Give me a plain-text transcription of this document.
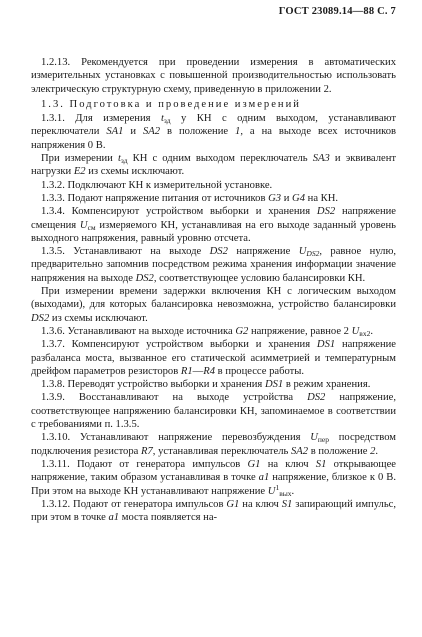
ГОСТ 23089.14—88 С. 7

1.2.13. Рекомендуется при проведении измерения в автоматических измерительных установках с повышенной производительностью использовать электрическую структурную схему, приведенную в приложении 2.

1.3. Подготовка и проведение измерений

1.3.1. Для измерения $t_{зд}$ у КН с одним выходом, устанавливают переключатели SA1 и SA2 в положение 1, а на выходе всех источников напряжения 0 В.

При измерении $t_{зд}$ КН с одним выходом переключатель SA3 и эквивалент нагрузки E2 из схемы исключают.

1.3.2. Подключают КН к измерительной установке.

1.3.3. Подают напряжение питания от источников G3 и G4 на КН.

1.3.4. Компенсируют устройством выборки и хранения DS2 напряжение смещения $U_{см}$ измеряемого КН, устанавливая на его выходе заданный уровень выходного напряжения, равный уровню отсчета.

1.3.5. Устанавливают на выходе DS2 напряжение $U_{DS2}$, равное нулю, предварительно запомнив посредством режима хранения информации значение напряжения на выходе DS2, соответствующее условию балансировки КН.

При измерении времени задержки включения КН с логическим выходом (выходами), для которых балансировка невозможна, устройство балансировки DS2 из схемы исключают.

1.3.6. Устанавливают на выходе источника G2 напряжение, равное 2 $U_{вх2}$.

1.3.7. Компенсируют устройством выборки и хранения DS1 напряжение разбаланса моста, вызванное его статической асимметрией и температурным дрейфом параметров резисторов R1—R4 в процессе работы.

1.3.8. Переводят устройство выборки и хранения DS1 в режим хранения.

1.3.9. Восстанавливают на выходе устройства DS2 напряжение, соответствующее напряжению балансировки КН, запоминаемое в соответствии с требованиями п. 1.3.5.

1.3.10. Устанавливают напряжение перевозбуждения $U_{пер}$ посредством подключения резистора R7, устанавливая переключатель SA2 в положение 2.

1.3.11. Подают от генератора импульсов G1 на ключ S1 открывающее напряжение, таким образом устанавливая в точке a1 напряжение, близкое к 0 В. При этом на выходе КН устанавливают напряжение $U^1_{вых}$.

1.3.12. Подают от генератора импульсов G1 на ключ S1 запирающий импульс, при этом в точке a1 моста появляется на-
